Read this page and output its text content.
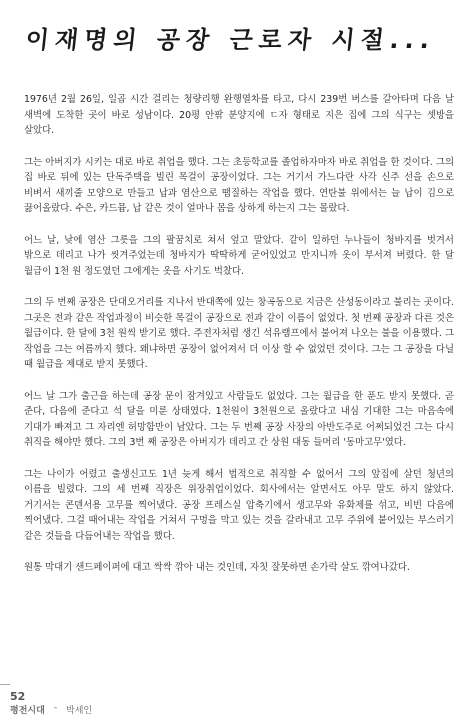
이재명의 공장 근로자 시절...

1976년 2월 26일, 일곱 시간 걸리는 청량리행 완행열차를 타고, 다시 239번 버스를 갈아타며 다음 날 새벽에 도착한 곳이 바로 성남이다. 20평 안팎 분양지에 ㄷ자 형태로 지은 집에 그의 식구는 셋방을 살았다.

그는 아버지가 시키는 대로 바로 취업을 했다. 그는 초등학교를 졸업하자마자 바로 취업을 한 것이다. 그의 집 바로 뒤에 있는 단독주택을 빌린 목걸이 공장이었다. 그는 거기서 가느다란 사각 신주 선을 손으로 비벼서 새끼줄 모양으로 만들고 납과 염산으로 땜질하는 작업을 했다. 연탄불 위에서는 늘 납이 김으로 끓어올랐다. 수은, 카드뮴, 납 같은 것이 얼마나 몸을 상하게 하는지 그는 몰랐다.

어느 날, 낮에 염산 그릇을 그의 팔꿈치로 쳐서 엎고 말았다. 같이 일하던 누나들이 청바지를 벗겨서 밖으로 데리고 나가 씻겨주었는데 청바지가 딱딱하게 굳어있었고 만지니까 옷이 부서져 버렸다. 한 달 월급이 1천 원 정도였던 그에게는 옷을 사기도 벅찼다.

그의 두 번째 공장은 단대오거리를 지나서 반대쪽에 있는 창곡동으로 지금은 산성동이라고 불리는 곳이다. 그곳은 전과 같은 작업과정이 비슷한 목걸이 공장으로 전과 같이 이름이 없었다. 첫 번째 공장과 다른 것은 월급이다. 한 달에 3천 원씩 받기로 했다. 주전자처럼 생긴 석유램프에서 불어져 나오는 불을 이용했다. 그 작업을 그는 여름까지 했다. 왜냐하면 공장이 없어져서 더 이상 할 수 없었던 것이다. 그는 그 공장을 다닐 때 월급을 제대로 받지 못했다.

어느 날 그가 출근을 하는데 공장 문이 잠겨있고 사람들도 없었다. 그는 월급을 한 푼도 받지 못했다. 곧 준다, 다음에 준다고 석 달을 미룬 상태였다. 1천원이 3천원으로 올랐다고 내심 기대한 그는 마음속에 기대가 빠져고 그 자리엔 허망함만이 남았다. 그는 두 번째 공장 사장의 아반도주로 어쩌되었건 그는 다시 취직을 해야만 했다. 그의 3번 째 공장은 아버지가 데리고 간 상원 대동 들머리 '동마고무'였다.

그는 나이가 어렸고 출생신고도 1년 늦게 해서 법적으로 취직할 수 없어서 그의 앞집에 살던 청년의 이름을 빌렸다. 그의 세 번째 직장은 위장취업이었다. 회사에서는 알면서도 아무 말도 하지 않았다. 거기서는 콘덴서용 고무를 찍어냈다. 공장 프레스실 압축기에서 생고무와 유화제를 섞고, 비빈 다음에 찍어냈다. 그걸 때어내는 작업을 거쳐서 구멍을 막고 있는 것을 갈라내고 고무 주위에 붙어있는 부스러기 같은 것들을 다듬어내는 작업을 했다.

원통 막대기 샌드페이퍼에 대고 싹싹 깎아 내는 것인데, 자칫 잘못하면 손가락 살도 깎여나갔다.

52
평전시대 - 박세인
